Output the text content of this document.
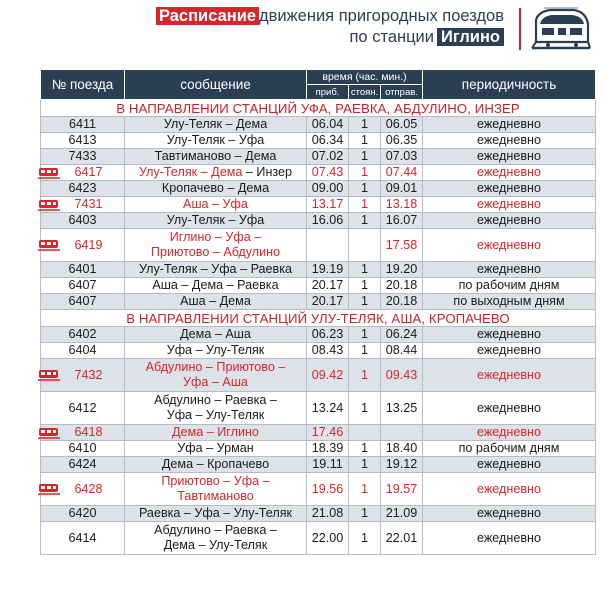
Расписание движения пригородных поездов
по станции Иглино
№ поезда	сообщение	время (час. мин.)			периодичность
		приб.	стоян.	отправ.	
В НАПРАВЛЕНИИ СТАНЦИЙ УФА, РАЕВКА, АБДУЛИНО, ИНЗЕР					
6411	Улу-Теляк – Дема	06.04	1	06.05	ежедневно
6413	Улу-Теляк – Уфа	06.34	1	06.35	ежедневно
7433	Тавтиманово – Дема	07.02	1	07.03	ежедневно

6417	Улу-Теляк – Дема – Инзер	07.43	1	07.44	ежедневно
6423	Кропачево – Дема	09.00	1	09.01	ежедневно

7431	Аша – Уфа	13.17	1	13.18	ежедневно
6403	Улу-Теляк – Уфа	16.06	1	16.07	ежедневно

6419	Иглино – Уфа –
Приютово – Абдулино			17.58	ежедневно
6401	Улу-Теляк – Уфа – Раевка	19.19	1	19.20	ежедневно
6407	Аша – Дема – Раевка	20.17	1	20.18	по рабочим дням
6407	Аша – Дема	20.17	1	20.18	по выходным дням
В НАПРАВЛЕНИИ СТАНЦИЙ УЛУ-ТЕЛЯК, АША, КРОПАЧЕВО					
6402	Дема – Аша	06.23	1	06.24	ежедневно
6404	Уфа – Улу-Теляк	08.43	1	08.44	ежедневно

7432	Абдулино – Приютово –
Уфа – Аша	09.42	1	09.43	ежедневно
6412	Абдулино – Раевка –
Уфа – Улу-Теляк	13.24	1	13.25	ежедневно

6418	Дема – Иглино	17.46			ежедневно
6410	Уфа – Урман	18.39	1	18.40	по рабочим дням
6424	Дема – Кропачево	19.11	1	19.12	ежедневно

6428	Приютово – Уфа –
Тавтиманово	19.56	1	19.57	ежедневно
6420	Раевка – Уфа – Улу-Теляк	21.08	1	21.09	ежедневно
6414	Абдулино – Раевка –
Дема – Улу-Теляк	22.00	1	22.01	ежедневно
